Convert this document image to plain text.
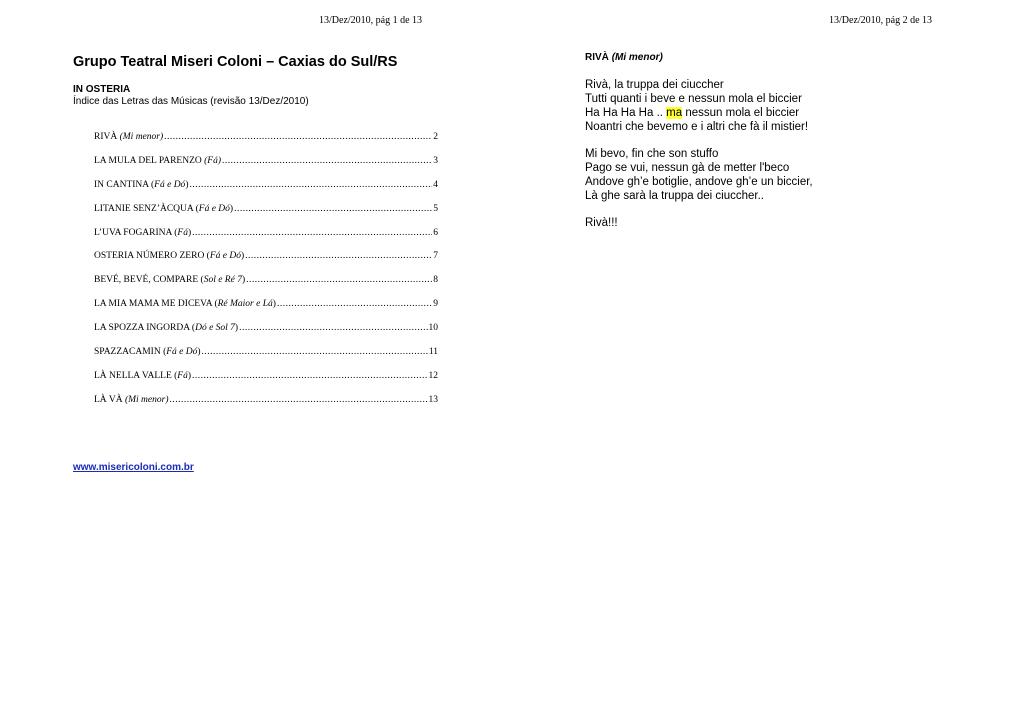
13/Dez/2010, pág 1 de 13	13/Dez/2010, pág 2 de 13
Grupo Teatral Miseri Coloni – Caxias do Sul/RS
IN OSTERIA
Índice das Letras das Músicas (revisão 13/Dez/2010)
RIVÀ (Mi menor) .....	2
LA MULA DEL PARENZO (Fá) .....	3
IN CANTINA (Fá e Dó) .....	4
LITANIE SENZ’ÀCQUA (Fá e Dó) .....	5
L’UVA FOGARINA (Fá) .....	6
OSTERIA NÚMERO ZERO (Fá e Dó) .....	7
BEVÉ, BEVÉ, COMPARE (Sol e Ré 7) .....	8
LA MIA MAMA ME DICEVA (Ré Maior e Lá) .....	9
LA SPOZZA INGORDA (Dó e Sol 7) .....	10
SPAZZACAMIN (Fá e Dó) .....	11
LÀ NELLA VALLE (Fá) .....	12
LÀ VÀ (Mi menor) .....	13
www.misericoloni.com.br
RIVÀ (Mi menor)
Rivà, la truppa dei ciuccher
Tutti quanti i beve e nessun mola el biccier
Ha Ha Ha Ha .. ma nessun mola el biccier
Noantri che bevemo e i altri che fà il mistier!
Mi bevo, fin che son stuffo
Pago se vui, nessun gà de metter l'beco
Andove gh’e botiglie, andove gh’e un biccier,
Là ghe sarà la truppa dei ciuccher..
Rivà!!!
